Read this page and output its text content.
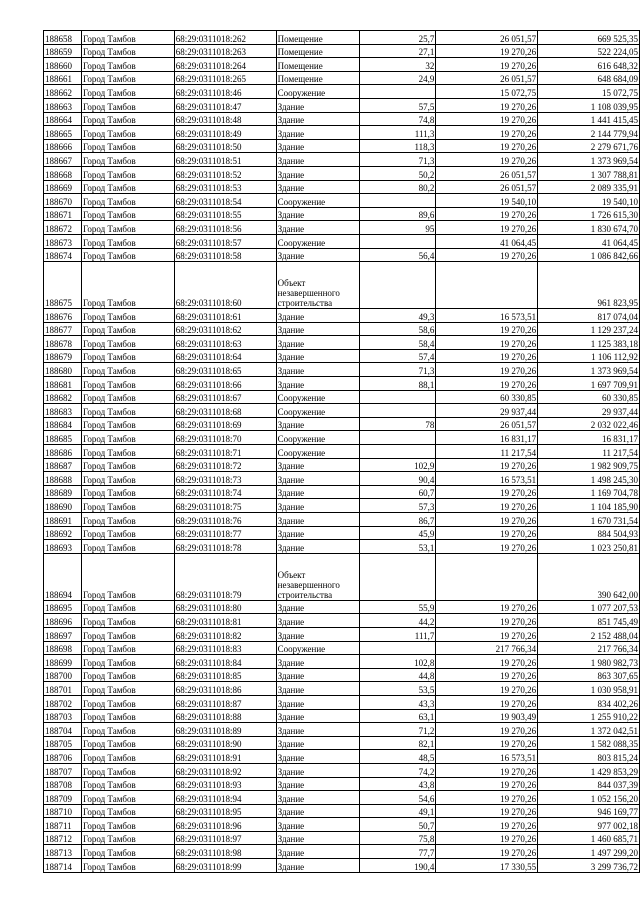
188658	Город Тамбов	68:29:0311018:262	Помещение	25,7	26 051,57	669 525,35
188659	Город Тамбов	68:29:0311018:263	Помещение	27,1	19 270,26	522 224,05
188660	Город Тамбов	68:29:0311018:264	Помещение	32	19 270,26	616 648,32
188661	Город Тамбов	68:29:0311018:265	Помещение	24,9	26 051,57	648 684,09
188662	Город Тамбов	68:29:0311018:46	Сооружение		15 072,75	15 072,75
188663	Город Тамбов	68:29:0311018:47	Здание	57,5	19 270,26	1 108 039,95
188664	Город Тамбов	68:29:0311018:48	Здание	74,8	19 270,26	1 441 415,45
188665	Город Тамбов	68:29:0311018:49	Здание	111,3	19 270,26	2 144 779,94
188666	Город Тамбов	68:29:0311018:50	Здание	118,3	19 270,26	2 279 671,76
188667	Город Тамбов	68:29:0311018:51	Здание	71,3	19 270,26	1 373 969,54
188668	Город Тамбов	68:29:0311018:52	Здание	50,2	26 051,57	1 307 788,81
188669	Город Тамбов	68:29:0311018:53	Здание	80,2	26 051,57	2 089 335,91
188670	Город Тамбов	68:29:0311018:54	Сооружение		19 540,10	19 540,10
188671	Город Тамбов	68:29:0311018:55	Здание	89,6	19 270,26	1 726 615,30
188672	Город Тамбов	68:29:0311018:56	Здание	95	19 270,26	1 830 674,70
188673	Город Тамбов	68:29:0311018:57	Сооружение		41 064,45	41 064,45
188674	Город Тамбов	68:29:0311018:58	Здание	56,4	19 270,26	1 086 842,66
188675	Город Тамбов	68:29:0311018:60	Объект незавершенного строительства			961 823,95
188676	Город Тамбов	68:29:0311018:61	Здание	49,3	16 573,51	817 074,04
188677	Город Тамбов	68:29:0311018:62	Здание	58,6	19 270,26	1 129 237,24
188678	Город Тамбов	68:29:0311018:63	Здание	58,4	19 270,26	1 125 383,18
188679	Город Тамбов	68:29:0311018:64	Здание	57,4	19 270,26	1 106 112,92
188680	Город Тамбов	68:29:0311018:65	Здание	71,3	19 270,26	1 373 969,54
188681	Город Тамбов	68:29:0311018:66	Здание	88,1	19 270,26	1 697 709,91
188682	Город Тамбов	68:29:0311018:67	Сооружение		60 330,85	60 330,85
188683	Город Тамбов	68:29:0311018:68	Сооружение		29 937,44	29 937,44
188684	Город Тамбов	68:29:0311018:69	Здание	78	26 051,57	2 032 022,46
188685	Город Тамбов	68:29:0311018:70	Сооружение		16 831,17	16 831,17
188686	Город Тамбов	68:29:0311018:71	Сооружение		11 217,54	11 217,54
188687	Город Тамбов	68:29:0311018:72	Здание	102,9	19 270,26	1 982 909,75
188688	Город Тамбов	68:29:0311018:73	Здание	90,4	16 573,51	1 498 245,30
188689	Город Тамбов	68:29:0311018:74	Здание	60,7	19 270,26	1 169 704,78
188690	Город Тамбов	68:29:0311018:75	Здание	57,3	19 270,26	1 104 185,90
188691	Город Тамбов	68:29:0311018:76	Здание	86,7	19 270,26	1 670 731,54
188692	Город Тамбов	68:29:0311018:77	Здание	45,9	19 270,26	884 504,93
188693	Город Тамбов	68:29:0311018:78	Здание	53,1	19 270,26	1 023 250,81
188694	Город Тамбов	68:29:0311018:79	Объект незавершенного строительства			390 642,00
188695	Город Тамбов	68:29:0311018:80	Здание	55,9	19 270,26	1 077 207,53
188696	Город Тамбов	68:29:0311018:81	Здание	44,2	19 270,26	851 745,49
188697	Город Тамбов	68:29:0311018:82	Здание	111,7	19 270,26	2 152 488,04
188698	Город Тамбов	68:29:0311018:83	Сооружение		217 766,34	217 766,34
188699	Город Тамбов	68:29:0311018:84	Здание	102,8	19 270,26	1 980 982,73
188700	Город Тамбов	68:29:0311018:85	Здание	44,8	19 270,26	863 307,65
188701	Город Тамбов	68:29:0311018:86	Здание	53,5	19 270,26	1 030 958,91
188702	Город Тамбов	68:29:0311018:87	Здание	43,3	19 270,26	834 402,26
188703	Город Тамбов	68:29:0311018:88	Здание	63,1	19 903,49	1 255 910,22
188704	Город Тамбов	68:29:0311018:89	Здание	71,2	19 270,26	1 372 042,51
188705	Город Тамбов	68:29:0311018:90	Здание	82,1	19 270,26	1 582 088,35
188706	Город Тамбов	68:29:0311018:91	Здание	48,5	16 573,51	803 815,24
188707	Город Тамбов	68:29:0311018:92	Здание	74,2	19 270,26	1 429 853,29
188708	Город Тамбов	68:29:0311018:93	Здание	43,8	19 270,26	844 037,39
188709	Город Тамбов	68:29:0311018:94	Здание	54,6	19 270,26	1 052 156,20
188710	Город Тамбов	68:29:0311018:95	Здание	49,1	19 270,26	946 169,77
188711	Город Тамбов	68:29:0311018:96	Здание	50,7	19 270,26	977 002,18
188712	Город Тамбов	68:29:0311018:97	Здание	75,8	19 270,26	1 460 685,71
188713	Город Тамбов	68:29:0311018:98	Здание	77,7	19 270,26	1 497 299,20
188714	Город Тамбов	68:29:0311018:99	Здание	190,4	17 330,55	3 299 736,72
